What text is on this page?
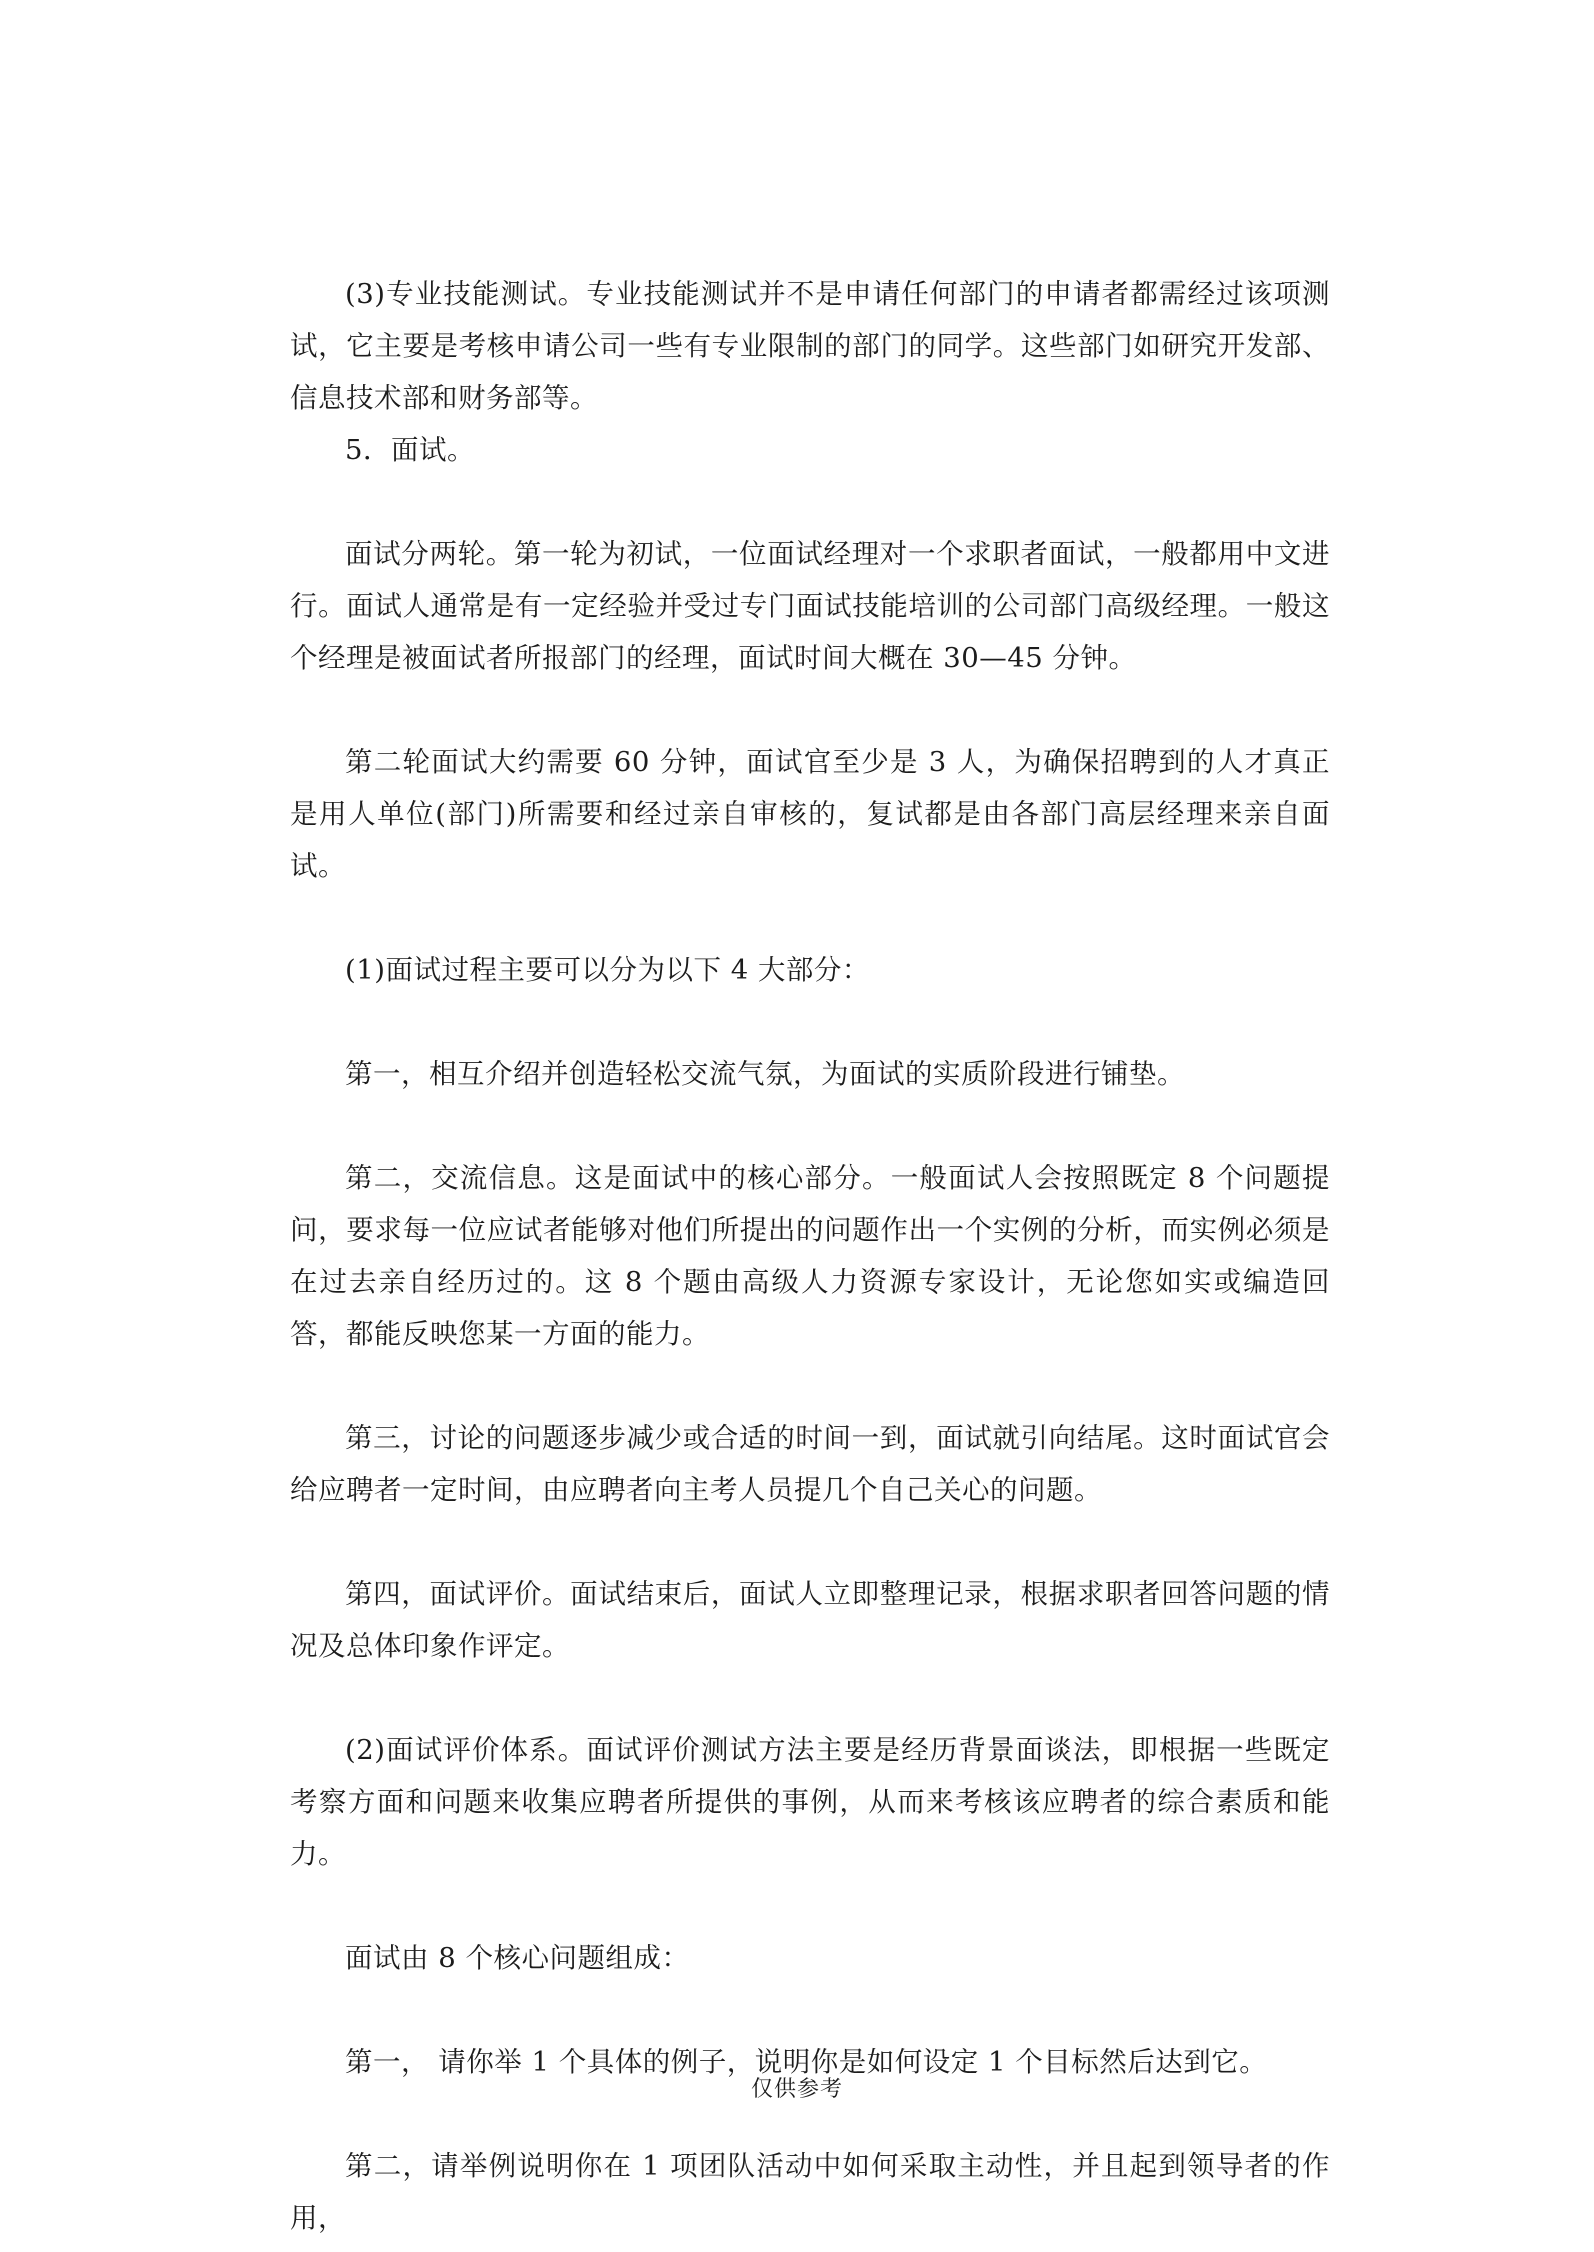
(3)专业技能测试。专业技能测试并不是申请任何部门的申请者都需经过该项测试，它主要是考核申请公司一些有专业限制的部门的同学。这些部门如研究开发部、信息技术部和财务部等。

5．面试。

面试分两轮。第一轮为初试，一位面试经理对一个求职者面试，一般都用中文进行。面试人通常是有一定经验并受过专门面试技能培训的公司部门高级经理。一般这个经理是被面试者所报部门的经理，面试时间大概在 30—45 分钟。

第二轮面试大约需要 60 分钟，面试官至少是 3 人，为确保招聘到的人才真正是用人单位(部门)所需要和经过亲自审核的，复试都是由各部门高层经理来亲自面试。

(1)面试过程主要可以分为以下 4 大部分：

第一，相互介绍并创造轻松交流气氛，为面试的实质阶段进行铺垫。

第二，交流信息。这是面试中的核心部分。一般面试人会按照既定 8 个问题提问，要求每一位应试者能够对他们所提出的问题作出一个实例的分析，而实例必须是在过去亲自经历过的。这 8 个题由高级人力资源专家设计，无论您如实或编造回答，都能反映您某一方面的能力。

第三，讨论的问题逐步减少或合适的时间一到，面试就引向结尾。这时面试官会给应聘者一定时间，由应聘者向主考人员提几个自己关心的问题。

第四，面试评价。面试结束后，面试人立即整理记录，根据求职者回答问题的情况及总体印象作评定。

(2)面试评价体系。面试评价测试方法主要是经历背景面谈法，即根据一些既定考察方面和问题来收集应聘者所提供的事例，从而来考核该应聘者的综合素质和能力。

面试由 8 个核心问题组成：

第一， 请你举 1 个具体的例子，说明你是如何设定 1 个目标然后达到它。

第二，请举例说明你在 1 项团队活动中如何采取主动性，并且起到领导者的作用，

仅供参考
